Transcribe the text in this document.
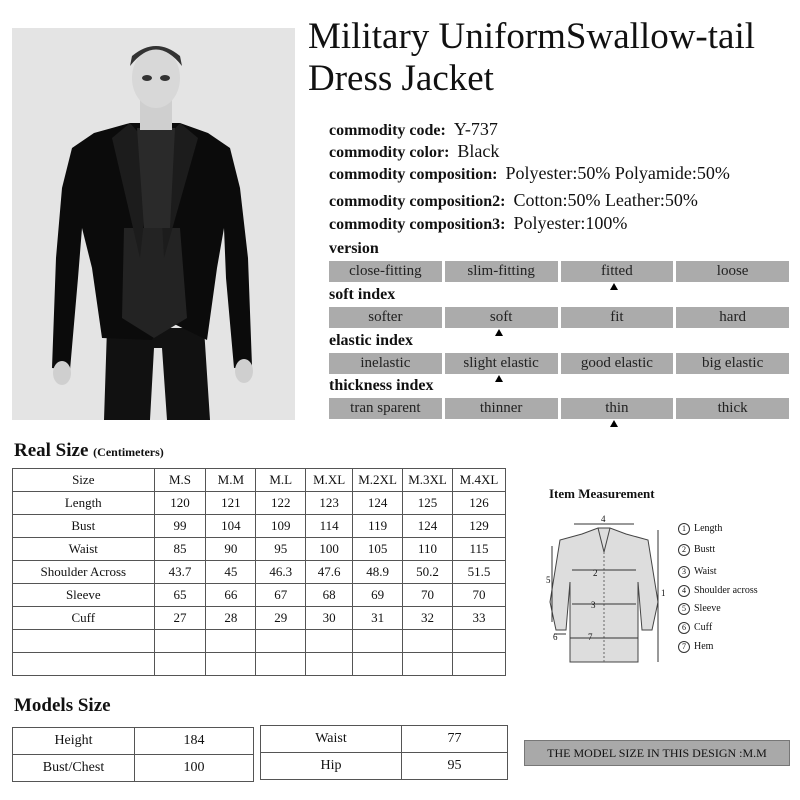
Military UniformSwallow-tail Dress Jacket
commodity code: Y-737
commodity color: Black
commodity composition: Polyester:50% Polyamide:50%
commodity composition2: Cotton:50% Leather:50%
commodity composition3: Polyester:100%
version
close-fitting	slim-fitting	fitted	loose
soft index
softer	soft	fit	hard
elastic index
inelastic	slight elastic	good elastic	big elastic
thickness index
tran sparent	thinner	thin	thick
Real Size (Centimeters)
Size	M.S	M.M	M.L	M.XL	M.2XL	M.3XL	M.4XL
Length	120	121	122	123	124	125	126
Bust	99	104	109	114	119	124	129
Waist	85	90	95	100	105	110	115
Shoulder Across	43.7	45	46.3	47.6	48.9	50.2	51.5
Sleeve	65	66	67	68	69	70	70
Cuff	27	28	29	30	31	32	33

Item Measurement
4
2
3
7
1
5
6
1 Length
2 Bustt
3 Waist
4 Shoulder across
5 Sleeve
6 Cuff
7 Hem
Models Size
Height	184
Bust/Chest	100
Waist	77
Hip	95
THE MODEL SIZE IN THIS DESIGN :M.M
